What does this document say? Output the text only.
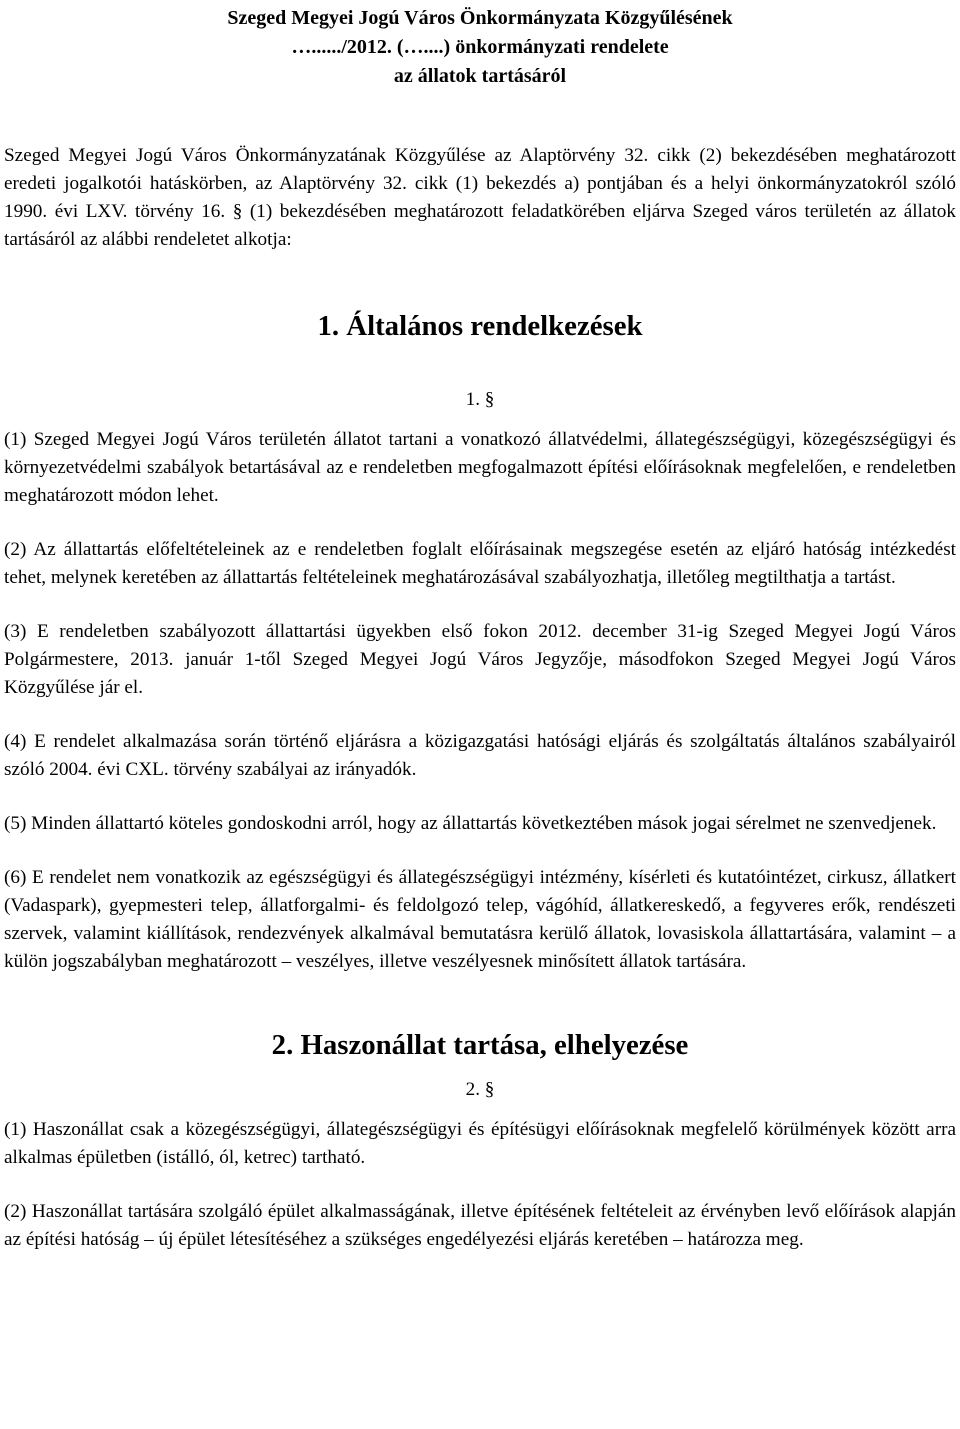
Szeged Megyei Jogú Város Önkormányzata Közgyűlésének
…....../2012. (…....) önkormányzati rendelete
az állatok tartásáról

Szeged Megyei Jogú Város Önkormányzatának Közgyűlése az Alaptörvény 32. cikk (2) bekezdésében meghatározott eredeti jogalkotói hatáskörben, az Alaptörvény 32. cikk (1) bekezdés a) pontjában és a helyi önkormányzatokról szóló 1990. évi LXV. törvény 16. § (1) bekezdésében meghatározott feladatkörében eljárva Szeged város területén az állatok tartásáról az alábbi rendeletet alkotja:

1. Általános rendelkezések

1. §

(1) Szeged Megyei Jogú Város területén állatot tartani a vonatkozó állatvédelmi, állategészségügyi, közegészségügyi és környezetvédelmi szabályok betartásával az e rendeletben megfogalmazott építési előírásoknak megfelelően, e rendeletben meghatározott módon lehet.

(2) Az állattartás előfeltételeinek az e rendeletben foglalt előírásainak megszegése esetén az eljáró hatóság intézkedést tehet, melynek keretében az állattartás feltételeinek meghatározásával szabályozhatja, illetőleg megtilthatja a tartást.

(3) E rendeletben szabályozott állattartási ügyekben első fokon 2012. december 31-ig Szeged Megyei Jogú Város Polgármestere, 2013. január 1-től Szeged Megyei Jogú Város Jegyzője, másodfokon Szeged Megyei Jogú Város Közgyűlése jár el.

(4) E rendelet alkalmazása során történő eljárásra a közigazgatási hatósági eljárás és szolgáltatás általános szabályairól szóló 2004. évi CXL. törvény szabályai az irányadók.

(5) Minden állattartó köteles gondoskodni arról, hogy az állattartás következtében mások jogai sérelmet ne szenvedjenek.

(6) E rendelet nem vonatkozik az egészségügyi és állategészségügyi intézmény, kísérleti és kutatóintézet, cirkusz, állatkert (Vadaspark), gyepmesteri telep, állatforgalmi- és feldolgozó telep, vágóhíd, állatkereskedő, a fegyveres erők, rendészeti szervek, valamint kiállítások, rendezvények alkalmával bemutatásra kerülő állatok, lovasiskola állattartására, valamint – a külön jogszabályban meghatározott – veszélyes, illetve veszélyesnek minősített állatok tartására.

2. Haszonállat tartása, elhelyezése

2. §

(1) Haszonállat csak a közegészségügyi, állategészségügyi és építésügyi előírásoknak megfelelő körülmények között arra alkalmas épületben (istálló, ól, ketrec) tartható.

(2) Haszonállat tartására szolgáló épület alkalmasságának, illetve építésének feltételeit az érvényben levő előírások alapján az építési hatóság – új épület létesítéséhez a szükséges engedélyezési eljárás keretében – határozza meg.
